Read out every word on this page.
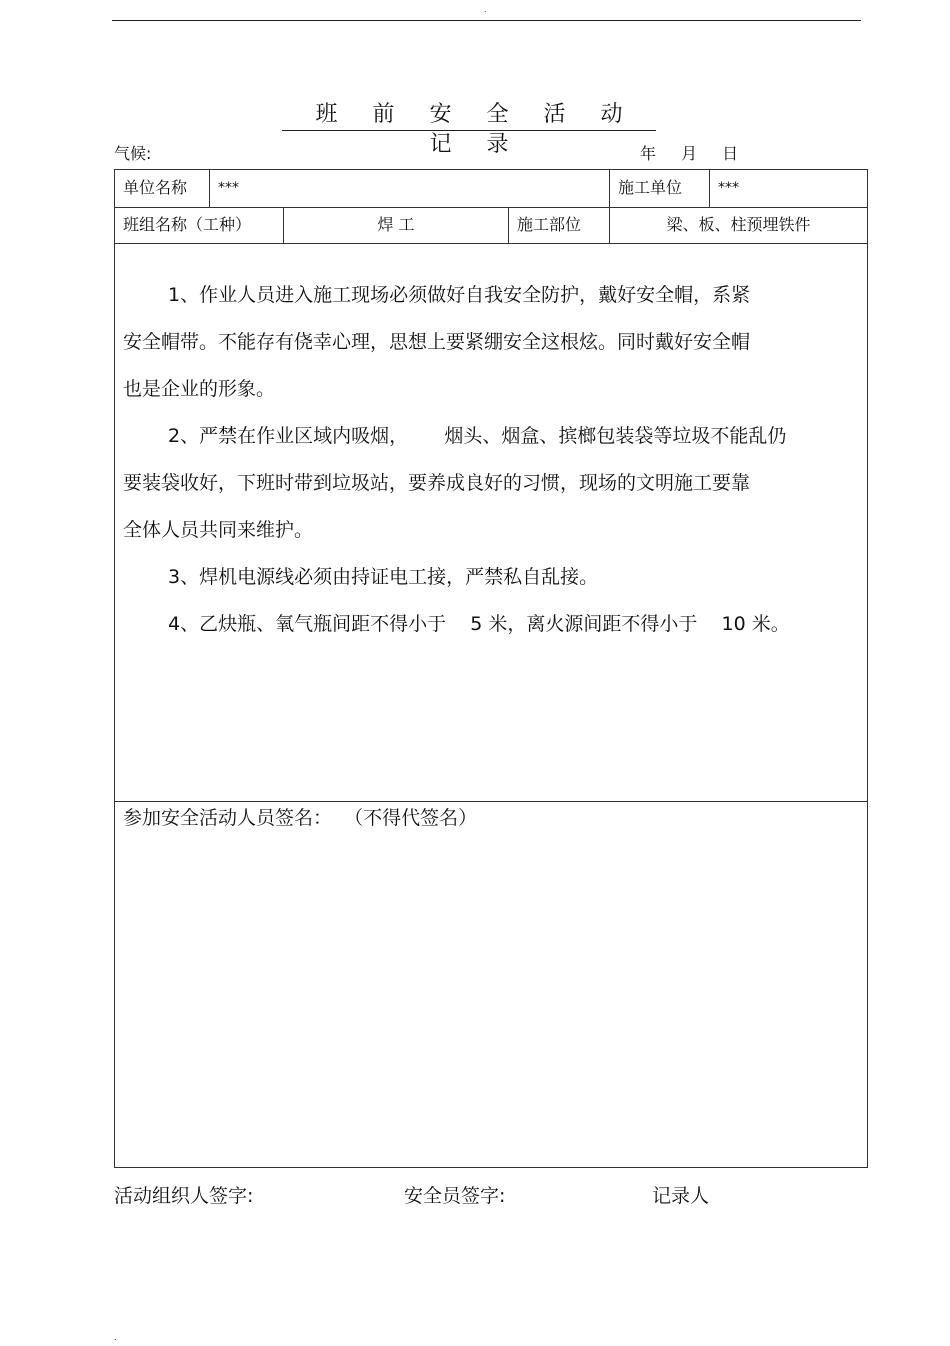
.
班 前 安 全 活 动 记 录
气候:	年 月 日
单位名称	***	施工单位	***
班组名称（工种）	焊 工	施工部位	梁、板、柱预埋铁件

1、作业人员进入施工现场必须做好自我安全防护，戴好安全帽，系紧

安全帽带。不能存有侥幸心理，思想上要紧绷安全这根炫。同时戴好安全帽

也是企业的形象。

2、严禁在作业区域内吸烟，      烟头、烟盒、摈榔包装袋等垃圾不能乱仍

要装袋收好，下班时带到垃圾站，要养成良好的习惯，现场的文明施工要靠

全体人员共同来维护。

3、焊机电源线必须由持证电工接，严禁私自乱接。

4、乙炔瓶、氧气瓶间距不得小于    5 米，离火源间距不得小于    10 米。

参加安全活动人员签名：  （不得代签名）
活动组织人签字:	安全员签字:	记录人
.
